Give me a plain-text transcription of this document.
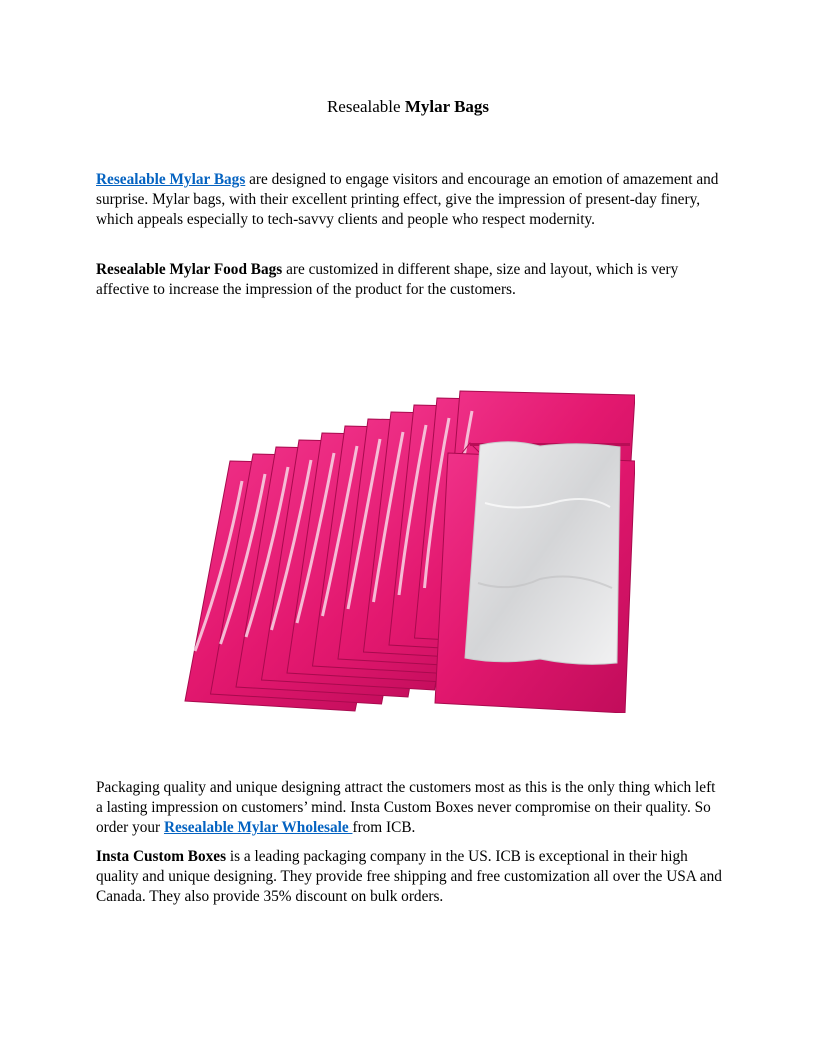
Resealable Mylar Bags

Resealable Mylar Bags are designed to engage visitors and encourage an emotion of amazement and surprise. Mylar bags, with their excellent printing effect, give the impression of present-day finery, which appeals especially to tech-savvy clients and people who respect modernity.

Resealable Mylar Food Bags are customized in different shape, size and layout, which is very affective to increase the impression of the product for the customers.

Packaging quality and unique designing attract the customers most as this is the only thing which left a lasting impression on customers’ mind. Insta Custom Boxes never compromise on their quality. So order your Resealable Mylar Wholesale from ICB.

Insta Custom Boxes is a leading packaging company in the US. ICB is exceptional in their high quality and unique designing. They provide free shipping and free customization all over the USA and Canada. They also provide 35% discount on bulk orders.
